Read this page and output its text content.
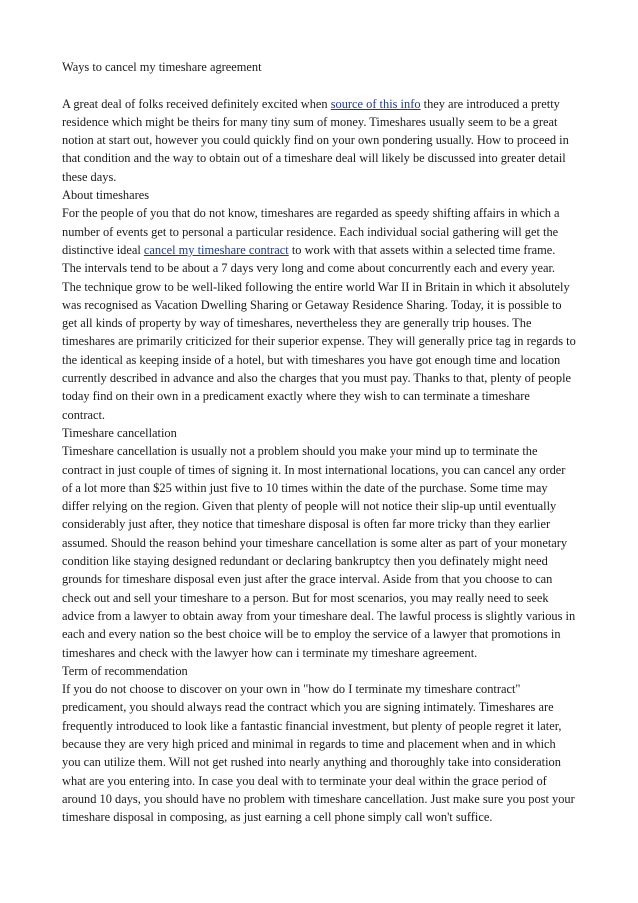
Ways to cancel my timeshare agreement

A great deal of folks received definitely excited when source of this info they are introduced a pretty residence which might be theirs for many tiny sum of money. Timeshares usually seem to be a great notion at start out, however you could quickly find on your own pondering usually. How to proceed in that condition and the way to obtain out of a timeshare deal will likely be discussed into greater detail these days.

About timeshares

For the people of you that do not know, timeshares are regarded as speedy shifting affairs in which a number of events get to personal a particular residence. Each individual social gathering will get the distinctive ideal cancel my timeshare contract to work with that assets within a selected time frame. The intervals tend to be about a 7 days very long and come about concurrently each and every year. The technique grow to be well-liked following the entire world War II in Britain in which it absolutely was recognised as Vacation Dwelling Sharing or Getaway Residence Sharing. Today, it is possible to get all kinds of property by way of timeshares, nevertheless they are generally trip houses. The timeshares are primarily criticized for their superior expense. They will generally price tag in regards to the identical as keeping inside of a hotel, but with timeshares you have got enough time and location currently described in advance and also the charges that you must pay. Thanks to that, plenty of people today find on their own in a predicament exactly where they wish to can terminate a timeshare contract.

Timeshare cancellation

Timeshare cancellation is usually not a problem should you make your mind up to terminate the contract in just couple of times of signing it. In most international locations, you can cancel any order of a lot more than $25 within just five to 10 times within the date of the purchase. Some time may differ relying on the region. Given that plenty of people will not notice their slip-up until eventually considerably just after, they notice that timeshare disposal is often far more tricky than they earlier assumed. Should the reason behind your timeshare cancellation is some alter as part of your monetary condition like staying designed redundant or declaring bankruptcy then you definately might need grounds for timeshare disposal even just after the grace interval. Aside from that you choose to can check out and sell your timeshare to a person. But for most scenarios, you may really need to seek advice from a lawyer to obtain away from your timeshare deal. The lawful process is slightly various in each and every nation so the best choice will be to employ the service of a lawyer that promotions in timeshares and check with the lawyer how can i terminate my timeshare agreement.

Term of recommendation

If you do not choose to discover on your own in "how do I terminate my timeshare contract" predicament, you should always read the contract which you are signing intimately. Timeshares are frequently introduced to look like a fantastic financial investment, but plenty of people regret it later, because they are very high priced and minimal in regards to time and placement when and in which you can utilize them. Will not get rushed into nearly anything and thoroughly take into consideration what are you entering into. In case you deal with to terminate your deal within the grace period of around 10 days, you should have no problem with timeshare cancellation. Just make sure you post your timeshare disposal in composing, as just earning a cell phone simply call won't suffice.
